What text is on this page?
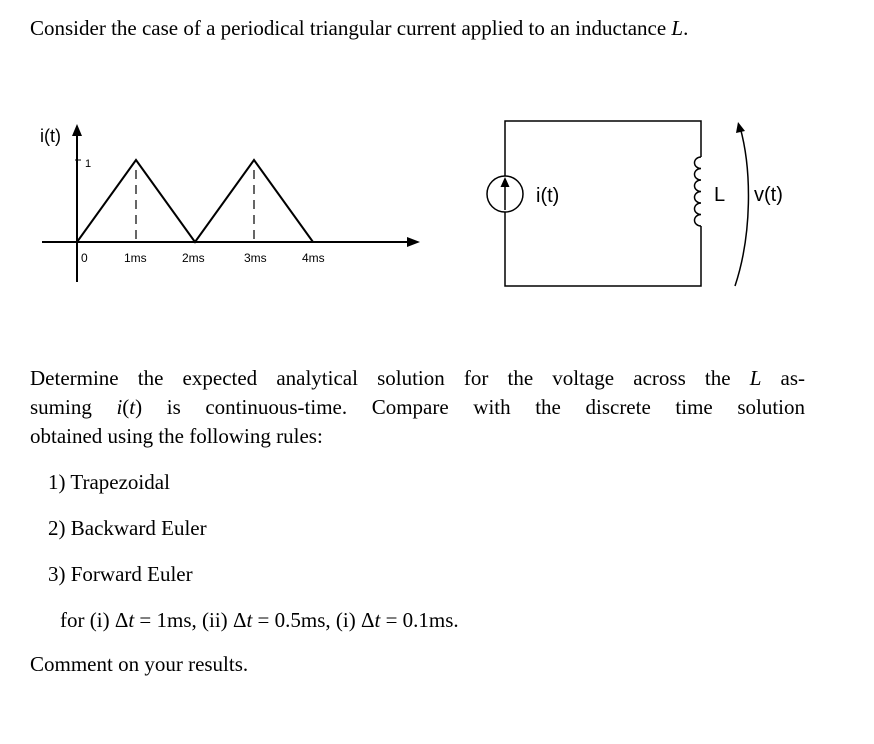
Consider the case of a periodical triangular current applied to an inductance L.
i(t)
1
0	1ms	2ms	3ms	4ms
i(t)	L v(t)
Determine the expected analytical solution for the voltage across the L as-
suming i(t) is continuous-time. Compare with the discrete time solution
obtained using the following rules:
1) Trapezoidal
2) Backward Euler
3) Forward Euler
for (i) Δt = 1ms, (ii) Δt = 0.5ms, (i) Δt = 0.1ms.
Comment on your results.
